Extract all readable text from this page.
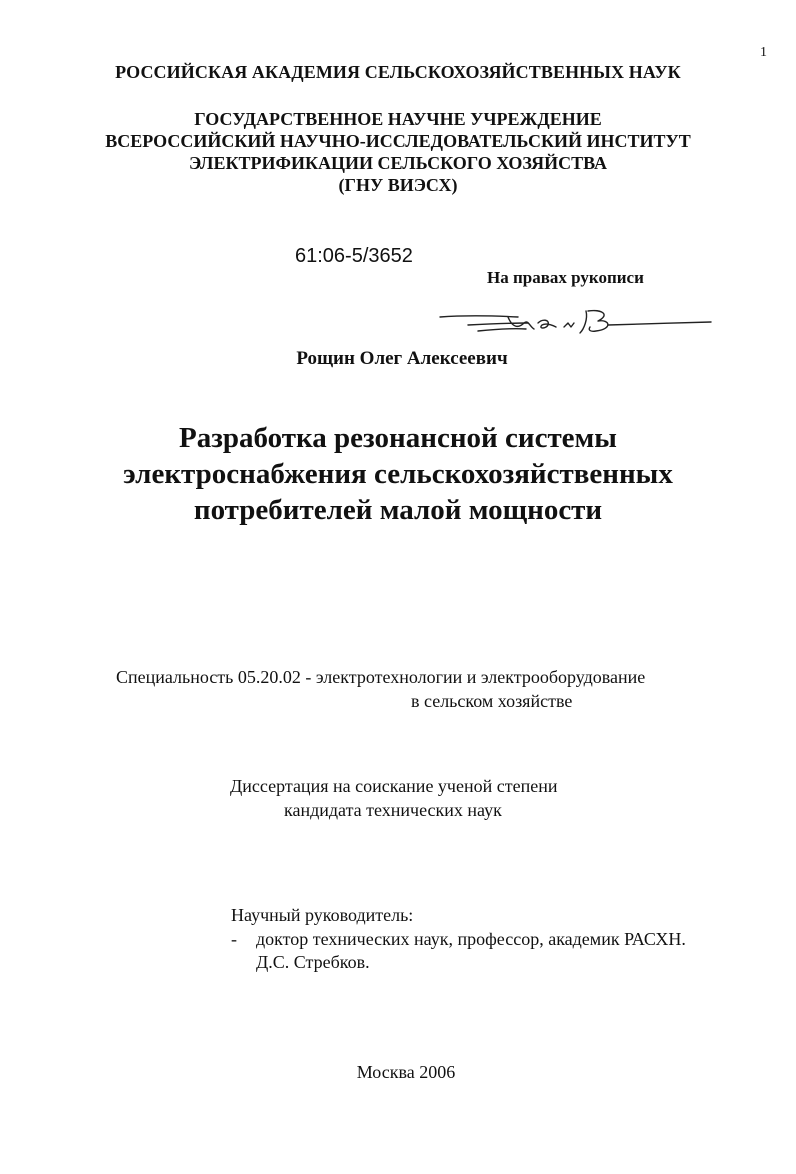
1
РОССИЙСКАЯ АКАДЕМИЯ СЕЛЬСКОХОЗЯЙСТВЕННЫХ НАУК
ГОСУДАРСТВЕННОЕ НАУЧНЕ УЧРЕЖДЕНИЕ
ВСЕРОССИЙСКИЙ НАУЧНО-ИССЛЕДОВАТЕЛЬСКИЙ ИНСТИТУТ
ЭЛЕКТРИФИКАЦИИ СЕЛЬСКОГО ХОЗЯЙСТВА
(ГНУ ВИЭСХ)
61:06-5/3652
На правах рукописи
Рощин Олег Алексеевич
Разработка резонансной системы
электроснабжения сельскохозяйственных
потребителей малой мощности
Специальность 05.20.02 - электротехнологии и электрооборудование
в сельском хозяйстве
Диссертация на соискание ученой степени
кандидата технических наук
Научный руководитель:
- доктор технических наук, профессор, академик РАСХН.
Д.С. Стребков.
Москва 2006
